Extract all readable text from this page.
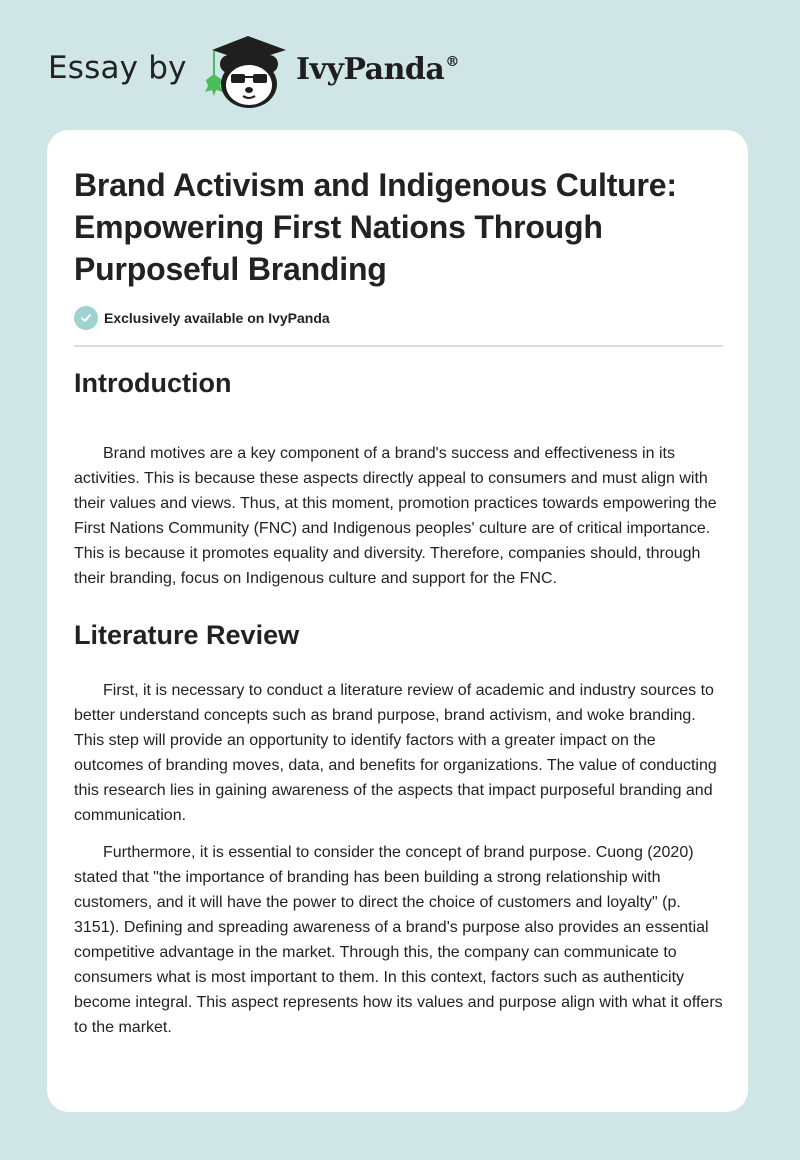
Essay by	IvyPanda®
Brand Activism and Indigenous Culture: Empowering First Nations Through Purposeful Branding
Exclusively available on IvyPanda
Introduction

Brand motives are a key component of a brand's success and effectiveness in its activities. This is because these aspects directly appeal to consumers and must align with their values and views. Thus, at this moment, promotion practices towards empowering the First Nations Community (FNC) and Indigenous peoples' culture are of critical importance. This is because it promotes equality and diversity. Therefore, companies should, through their branding, focus on Indigenous culture and support for the FNC.

Literature Review

First, it is necessary to conduct a literature review of academic and industry sources to better understand concepts such as brand purpose, brand activism, and woke branding. This step will provide an opportunity to identify factors with a greater impact on the outcomes of branding moves, data, and benefits for organizations. The value of conducting this research lies in gaining awareness of the aspects that impact purposeful branding and communication.

Furthermore, it is essential to consider the concept of brand purpose. Cuong (2020) stated that "the importance of branding has been building a strong relationship with customers, and it will have the power to direct the choice of customers and loyalty" (p. 3151). Defining and spreading awareness of a brand's purpose also provides an essential competitive advantage in the market. Through this, the company can communicate to consumers what is most important to them. In this context, factors such as authenticity become integral. This aspect represents how its values and purpose align with what it offers to the market.
